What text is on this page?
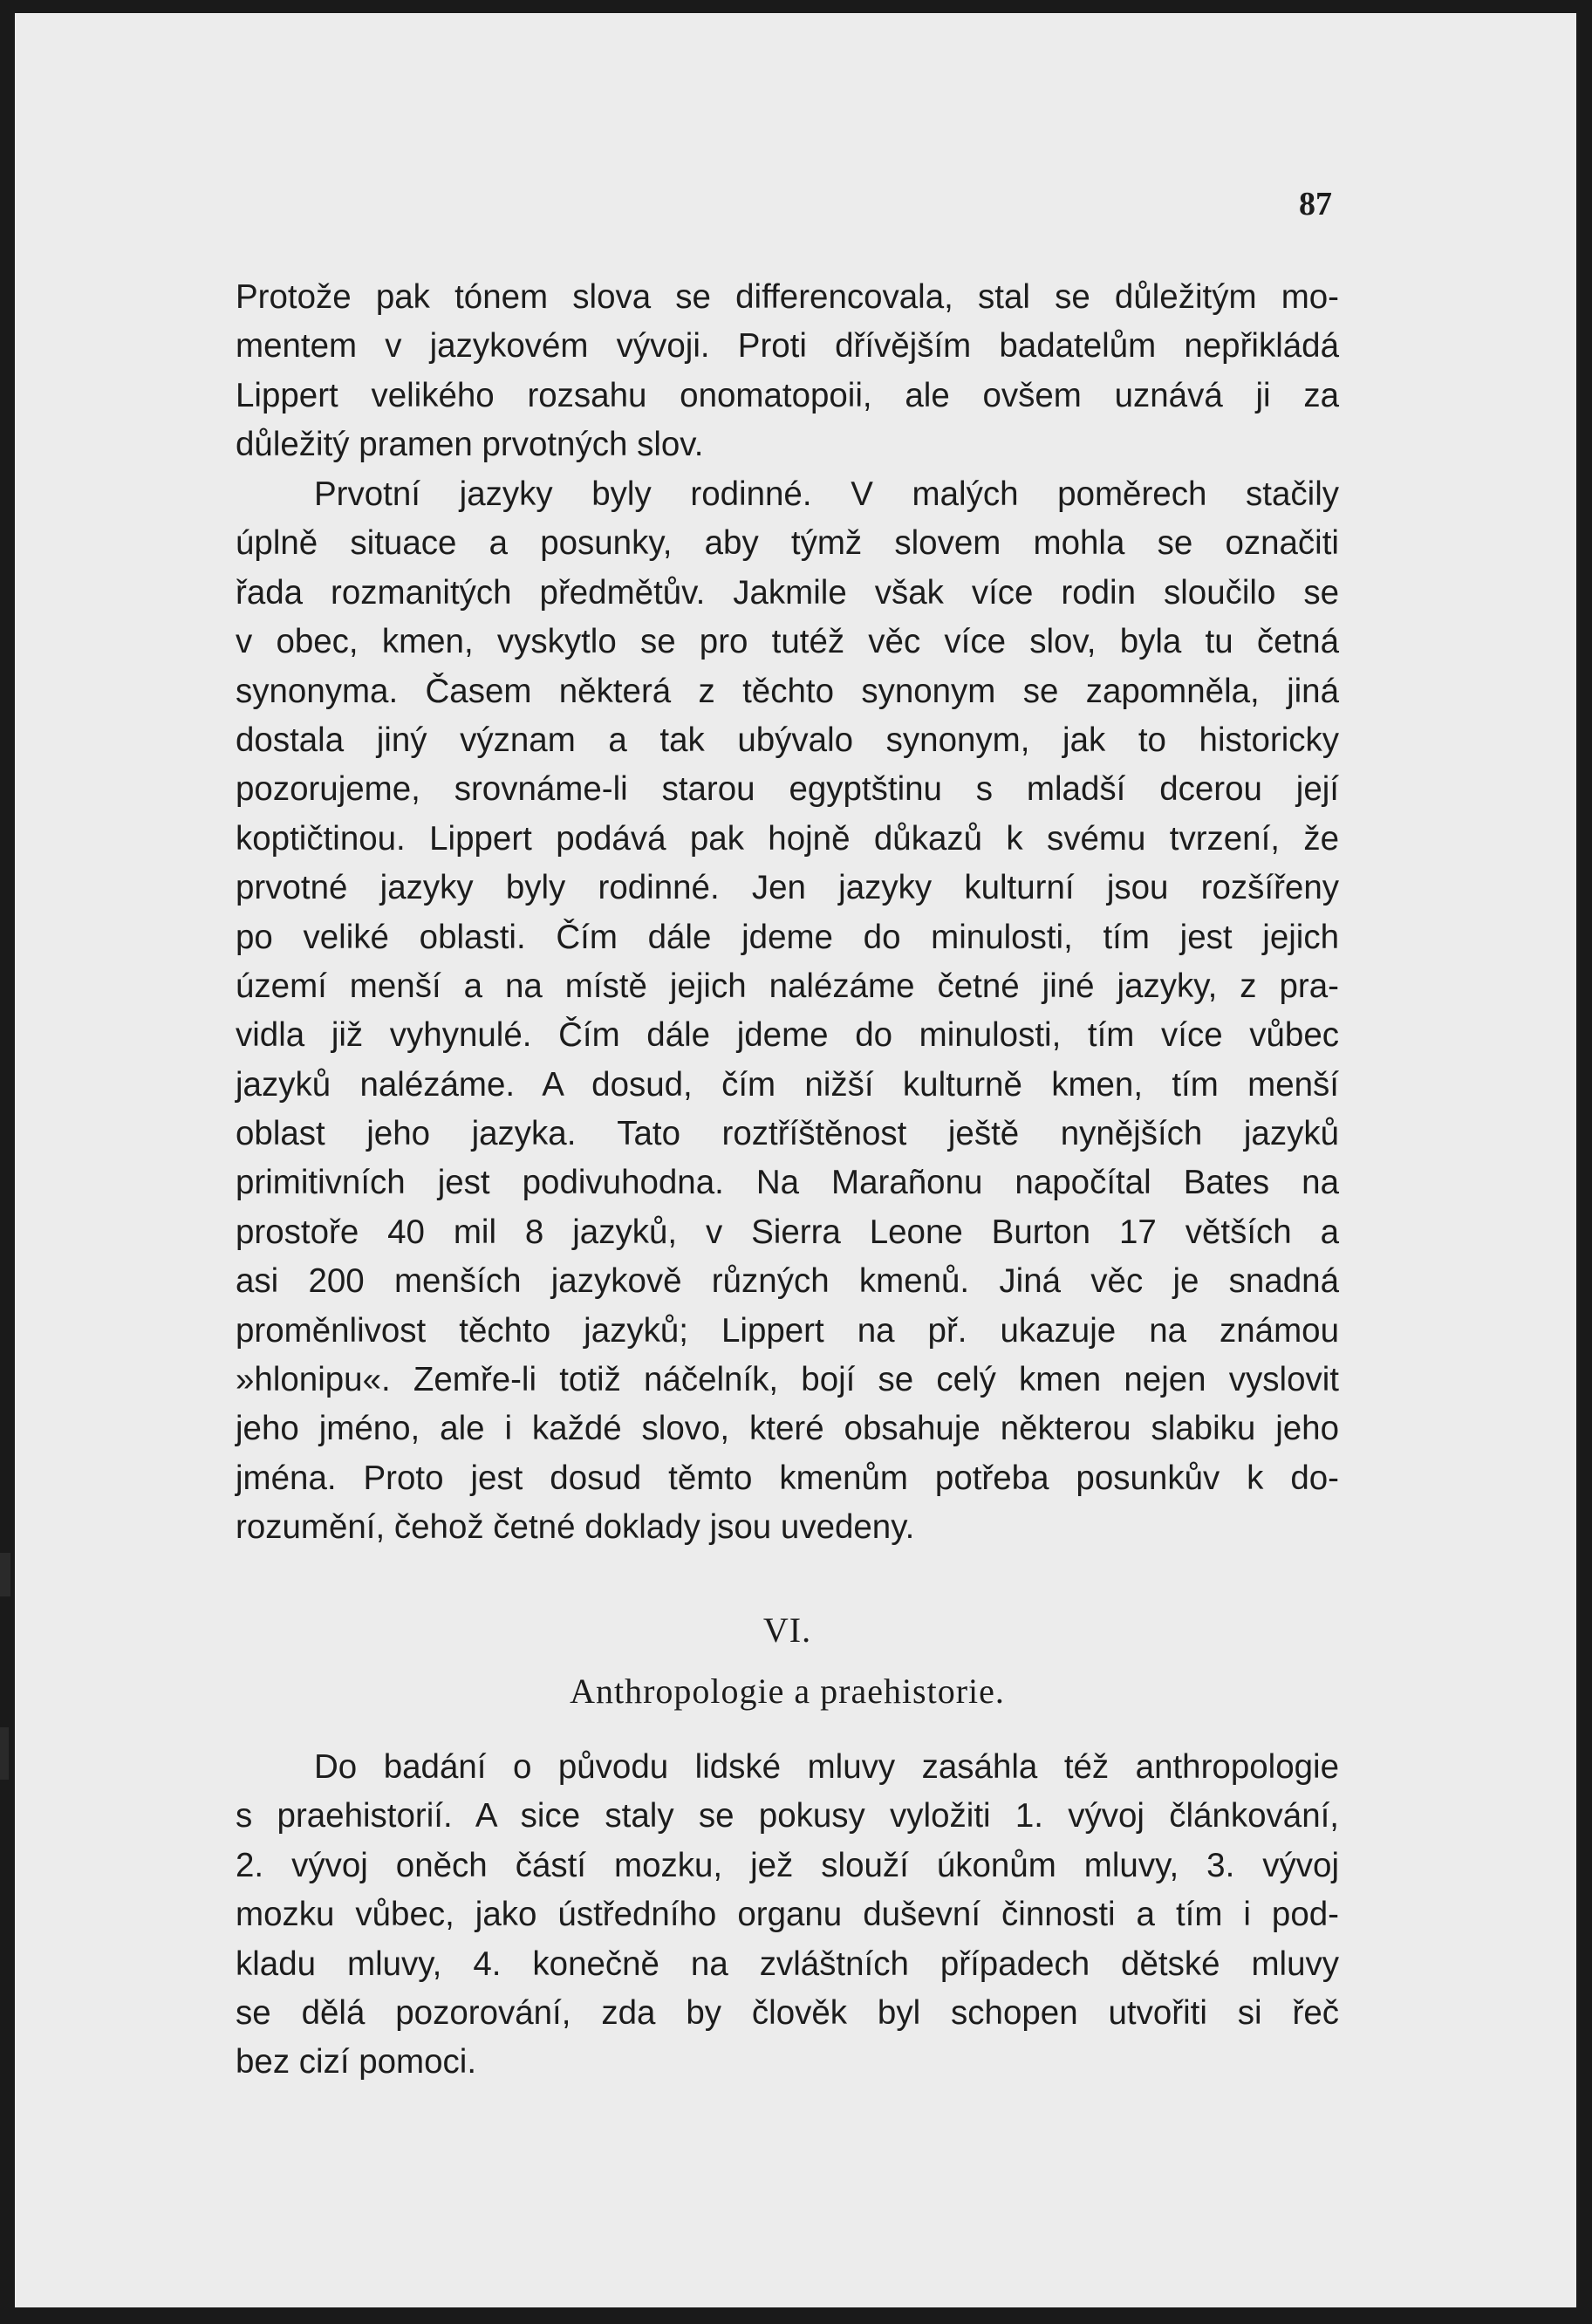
87
Protože pak tónem slova se differencovala, stal se důležitým mo-
mentem v jazykovém vývoji. Proti dřívějším badatelům nepřikládá
Lippert velikého rozsahu onomatopoii, ale ovšem uznává ji za
důležitý pramen prvotných slov.
Prvotní jazyky byly rodinné. V malých poměrech stačily
úplně situace a posunky, aby týmž slovem mohla se označiti
řada rozmanitých předmětův. Jakmile však více rodin sloučilo se
v obec, kmen, vyskytlo se pro tutéž věc více slov, byla tu četná
synonyma. Časem některá z těchto synonym se zapomněla, jiná
dostala jiný význam a tak ubývalo synonym, jak to historicky
pozorujeme, srovnáme-li starou egyptštinu s mladší dcerou její
koptičtinou. Lippert podává pak hojně důkazů k svému tvrzení, že
prvotné jazyky byly rodinné. Jen jazyky kulturní jsou rozšířeny
po veliké oblasti. Čím dále jdeme do minulosti, tím jest jejich
území menší a na místě jejich nalézáme četné jiné jazyky, z pra-
vidla již vyhynulé. Čím dále jdeme do minulosti, tím více vůbec
jazyků nalézáme. A dosud, čím nižší kulturně kmen, tím menší
oblast jeho jazyka. Tato roztříštěnost ještě nynějších jazyků
primitivních jest podivuhodna. Na Marañonu napočítal Bates na
prostoře 40 mil 8 jazyků, v Sierra Leone Burton 17 větších a
asi 200 menších jazykově různých kmenů. Jiná věc je snadná
proměnlivost těchto jazyků; Lippert na př. ukazuje na známou
»hlonipu«. Zemře-li totiž náčelník, bojí se celý kmen nejen vyslovit
jeho jméno, ale i každé slovo, které obsahuje některou slabiku jeho
jména. Proto jest dosud těmto kmenům potřeba posunkův k do-
rozumění, čehož četné doklady jsou uvedeny.
VI.
Anthropologie a praehistorie.
Do badání o původu lidské mluvy zasáhla též anthropologie
s praehistorií. A sice staly se pokusy vyložiti 1. vývoj článkování,
2. vývoj oněch částí mozku, jež slouží úkonům mluvy, 3. vývoj
mozku vůbec, jako ústředního organu duševní činnosti a tím i pod-
kladu mluvy, 4. konečně na zvláštních případech dětské mluvy
se dělá pozorování, zda by člověk byl schopen utvořiti si řeč
bez cizí pomoci.
